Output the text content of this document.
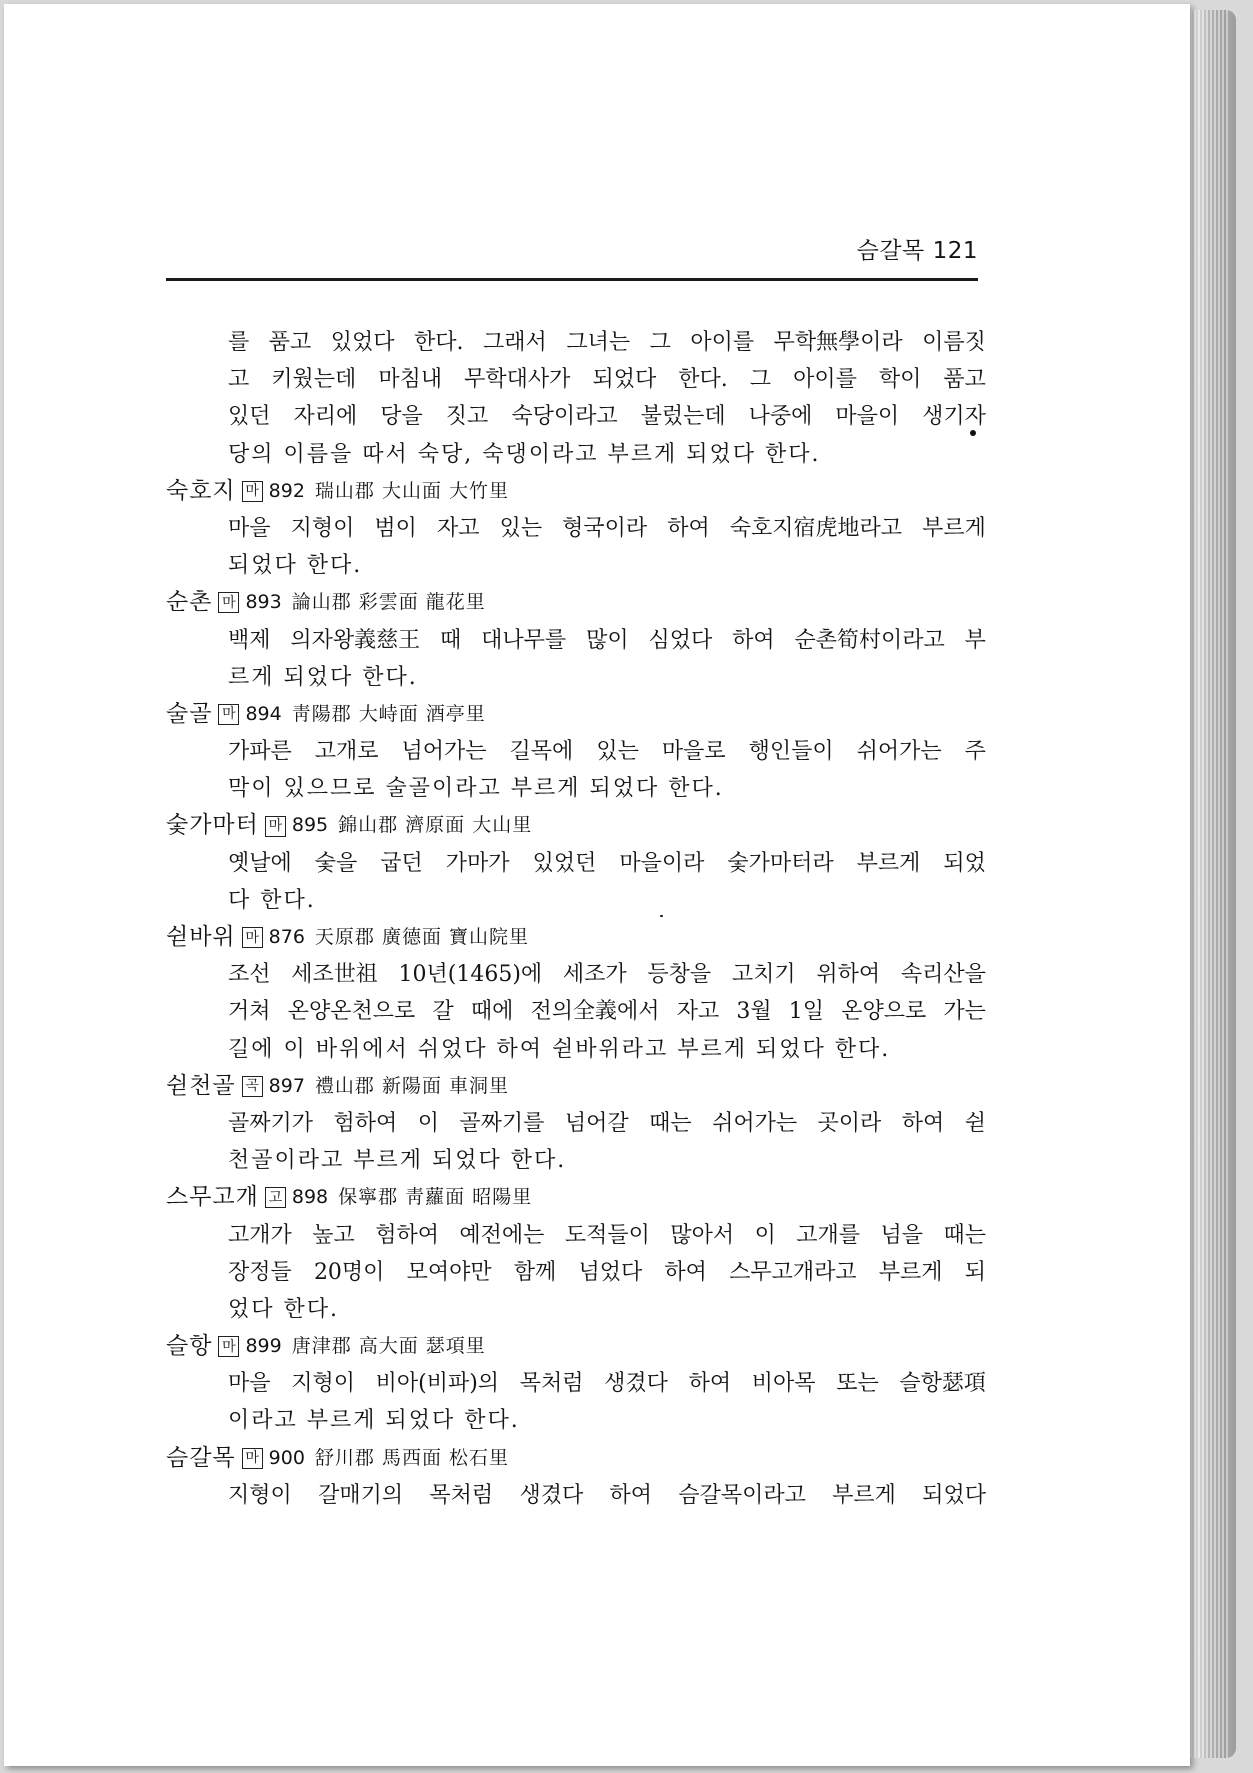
슴갈목 121
를 품고 있었다 한다. 그래서 그녀는 그 아이를 무학無學이라 이름짓
고 키웠는데 마침내 무학대사가 되었다 한다. 그 아이를 학이 품고
있던 자리에 당을 짓고 숙당이라고 불렀는데 나중에 마을이 생기자
당의 이름을 따서 숙당, 숙댕이라고 부르게 되었다 한다.
숙호지 마 892 瑞山郡 大山面 大竹里
마을 지형이 범이 자고 있는 형국이라 하여 숙호지宿虎地라고 부르게
되었다 한다.
순촌 마 893 論山郡 彩雲面 龍花里
백제 의자왕義慈王 때 대나무를 많이 심었다 하여 순촌筍村이라고 부
르게 되었다 한다.
술골 마 894 靑陽郡 大峙面 酒亭里
가파른 고개로 넘어가는 길목에 있는 마을로 행인들이 쉬어가는 주
막이 있으므로 술골이라고 부르게 되었다 한다.
숯가마터 마 895 錦山郡 濟原面 大山里
옛날에 숯을 굽던 가마가 있었던 마을이라 숯가마터라 부르게 되었
다 한다.
쉳바위 마 876 天原郡 廣德面 寶山院里
조선 세조世祖 10년(1465)에 세조가 등창을 고치기 위하여 속리산을
거쳐 온양온천으로 갈 때에 전의全義에서 자고 3월 1일 온양으로 가는
길에 이 바위에서 쉬었다 하여 쉳바위라고 부르게 되었다 한다.
쉳천골 곡 897 禮山郡 新陽面 車洞里
골짜기가 험하여 이 골짜기를 넘어갈 때는 쉬어가는 곳이라 하여 쉳
천골이라고 부르게 되었다 한다.
스무고개 고 898 保寧郡 靑蘿面 昭陽里
고개가 높고 험하여 예전에는 도적들이 많아서 이 고개를 넘을 때는
장정들 20명이 모여야만 함께 넘었다 하여 스무고개라고 부르게 되
었다 한다.
슬항 마 899 唐津郡 高大面 瑟項里
마을 지형이 비아(비파)의 목처럼 생겼다 하여 비아목 또는 슬항瑟項
이라고 부르게 되었다 한다.
슴갈목 마 900 舒川郡 馬西面 松石里
지형이 갈매기의 목처럼 생겼다 하여 슴갈목이라고 부르게 되었다
